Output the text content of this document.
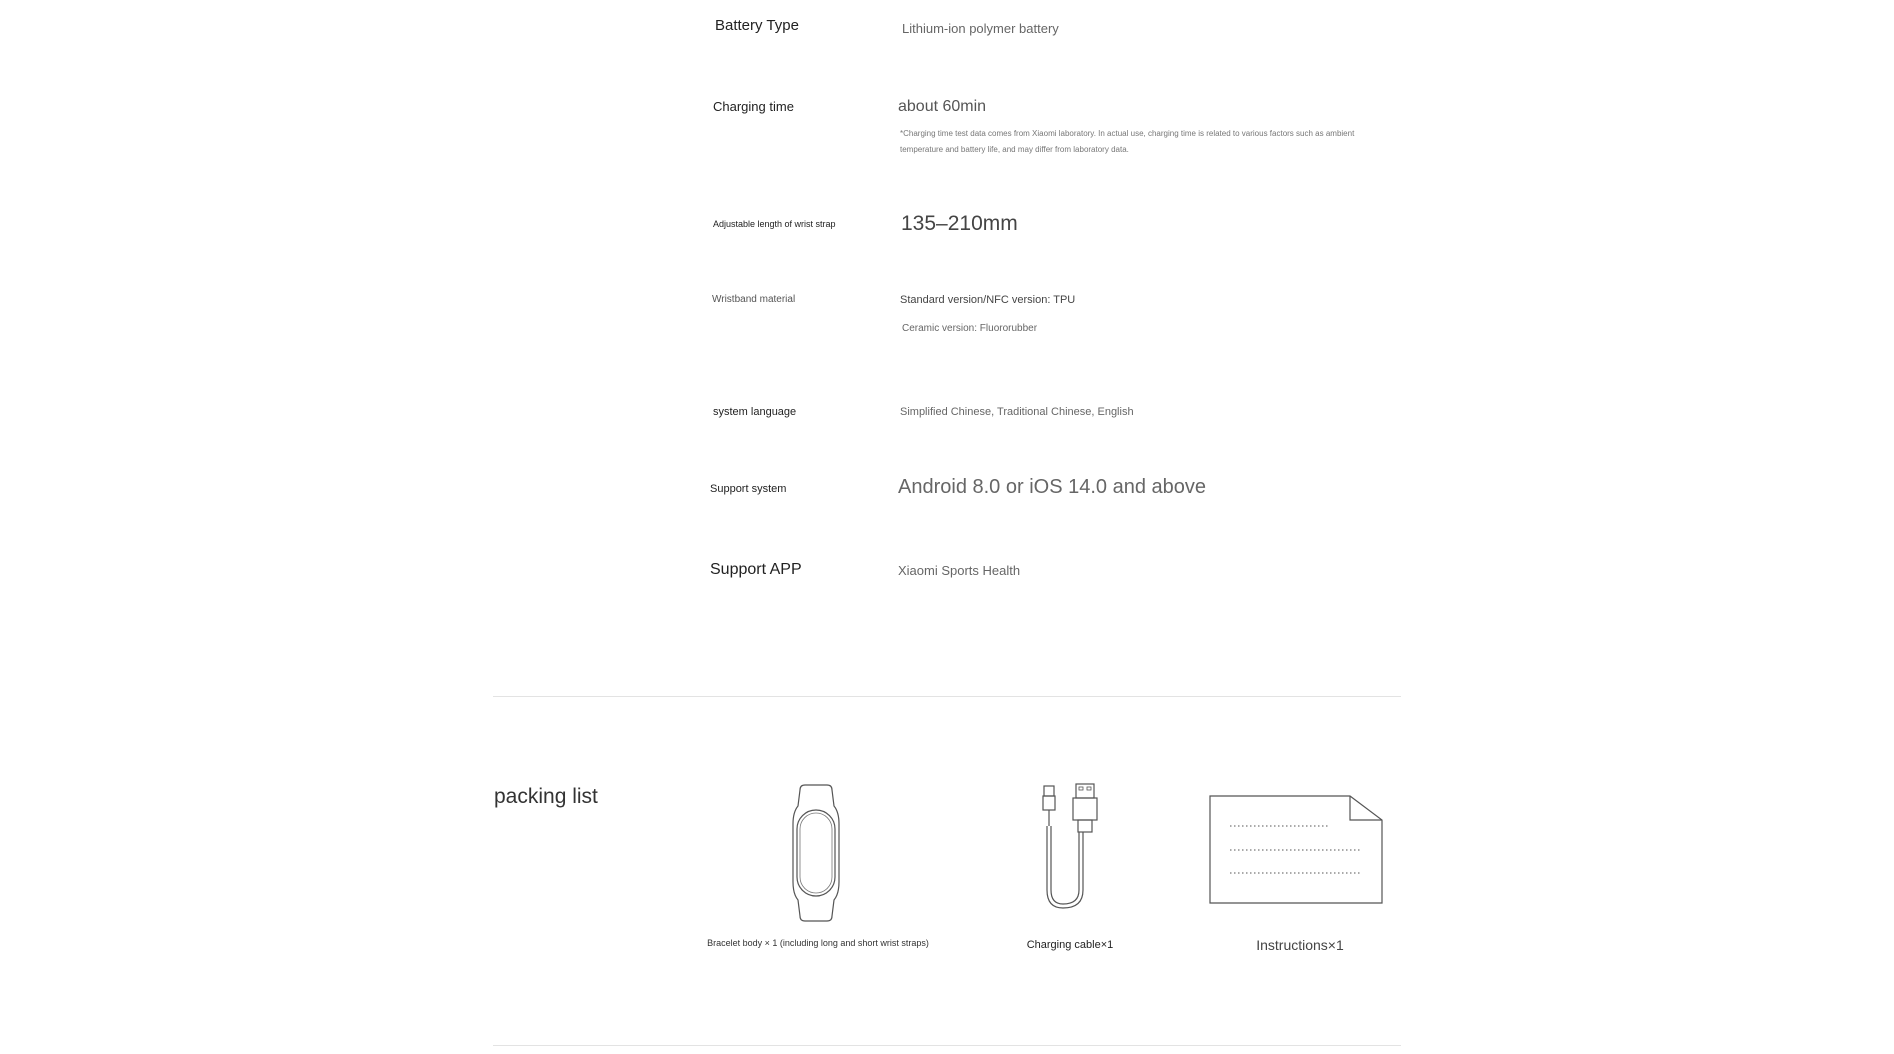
Battery Type	Lithium-ion polymer battery
Charging time	about 60min
*Charging time test data comes from Xiaomi laboratory. In actual use, charging time is related to various factors such as ambient temperature and battery life, and may differ from laboratory data.
Adjustable length of wrist strap	135–210mm
Wristband material	Standard version/NFC version: TPU
Ceramic version: Fluororubber
system language	Simplified Chinese, Traditional Chinese, English
Support system	Android 8.0 or iOS 14.0 and above
Support APP	Xiaomi Sports Health
packing list
Bracelet body × 1 (including long and short wrist straps)	Charging cable×1	Instructions×1
